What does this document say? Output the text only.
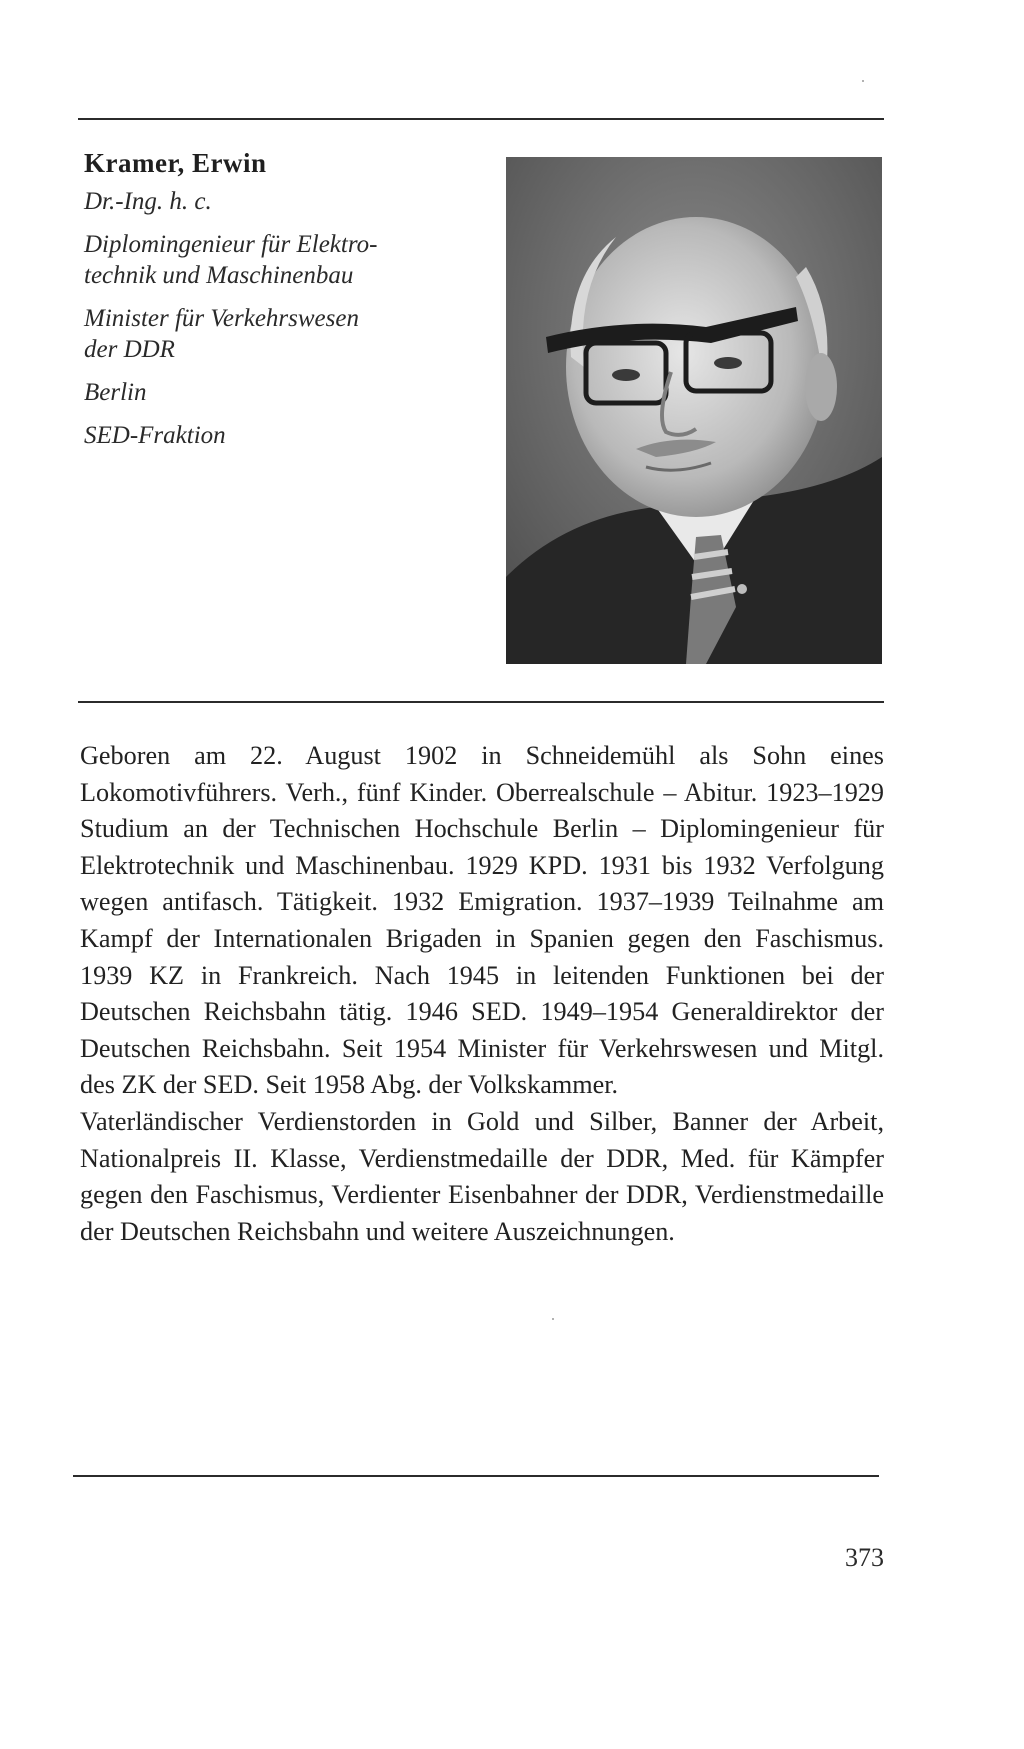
Kramer, Erwin
Dr.-Ing. h. c.
Diplomingenieur für Elektro-
technik und Maschinenbau
Minister für Verkehrswesen
der DDR
Berlin
SED-Fraktion

Geboren am 22. August 1902 in Schneidemühl als Sohn eines Lokomotivführers. Verh., fünf Kinder. Oberrealschule – Abitur. 1923–1929 Studium an der Technischen Hochschule Berlin – Diplomingenieur für Elektrotechnik und Maschinenbau. 1929 KPD. 1931 bis 1932 Verfolgung wegen antifasch. Tätigkeit. 1932 Emigration. 1937–1939 Teilnahme am Kampf der Internationalen Brigaden in Spanien gegen den Faschismus. 1939 KZ in Frankreich. Nach 1945 in leitenden Funktionen bei der Deutschen Reichsbahn tätig. 1946 SED. 1949–1954 Generaldirektor der Deutschen Reichsbahn. Seit 1954 Minister für Verkehrswesen und Mitgl. des ZK der SED. Seit 1958 Abg. der Volkskammer.

Vaterländischer Verdienstorden in Gold und Silber, Banner der Arbeit, Nationalpreis II. Klasse, Verdienstmedaille der DDR, Med. für Kämpfer gegen den Faschismus, Verdienter Eisenbahner der DDR, Verdienstmedaille der Deutschen Reichsbahn und weitere Auszeichnungen.

373
